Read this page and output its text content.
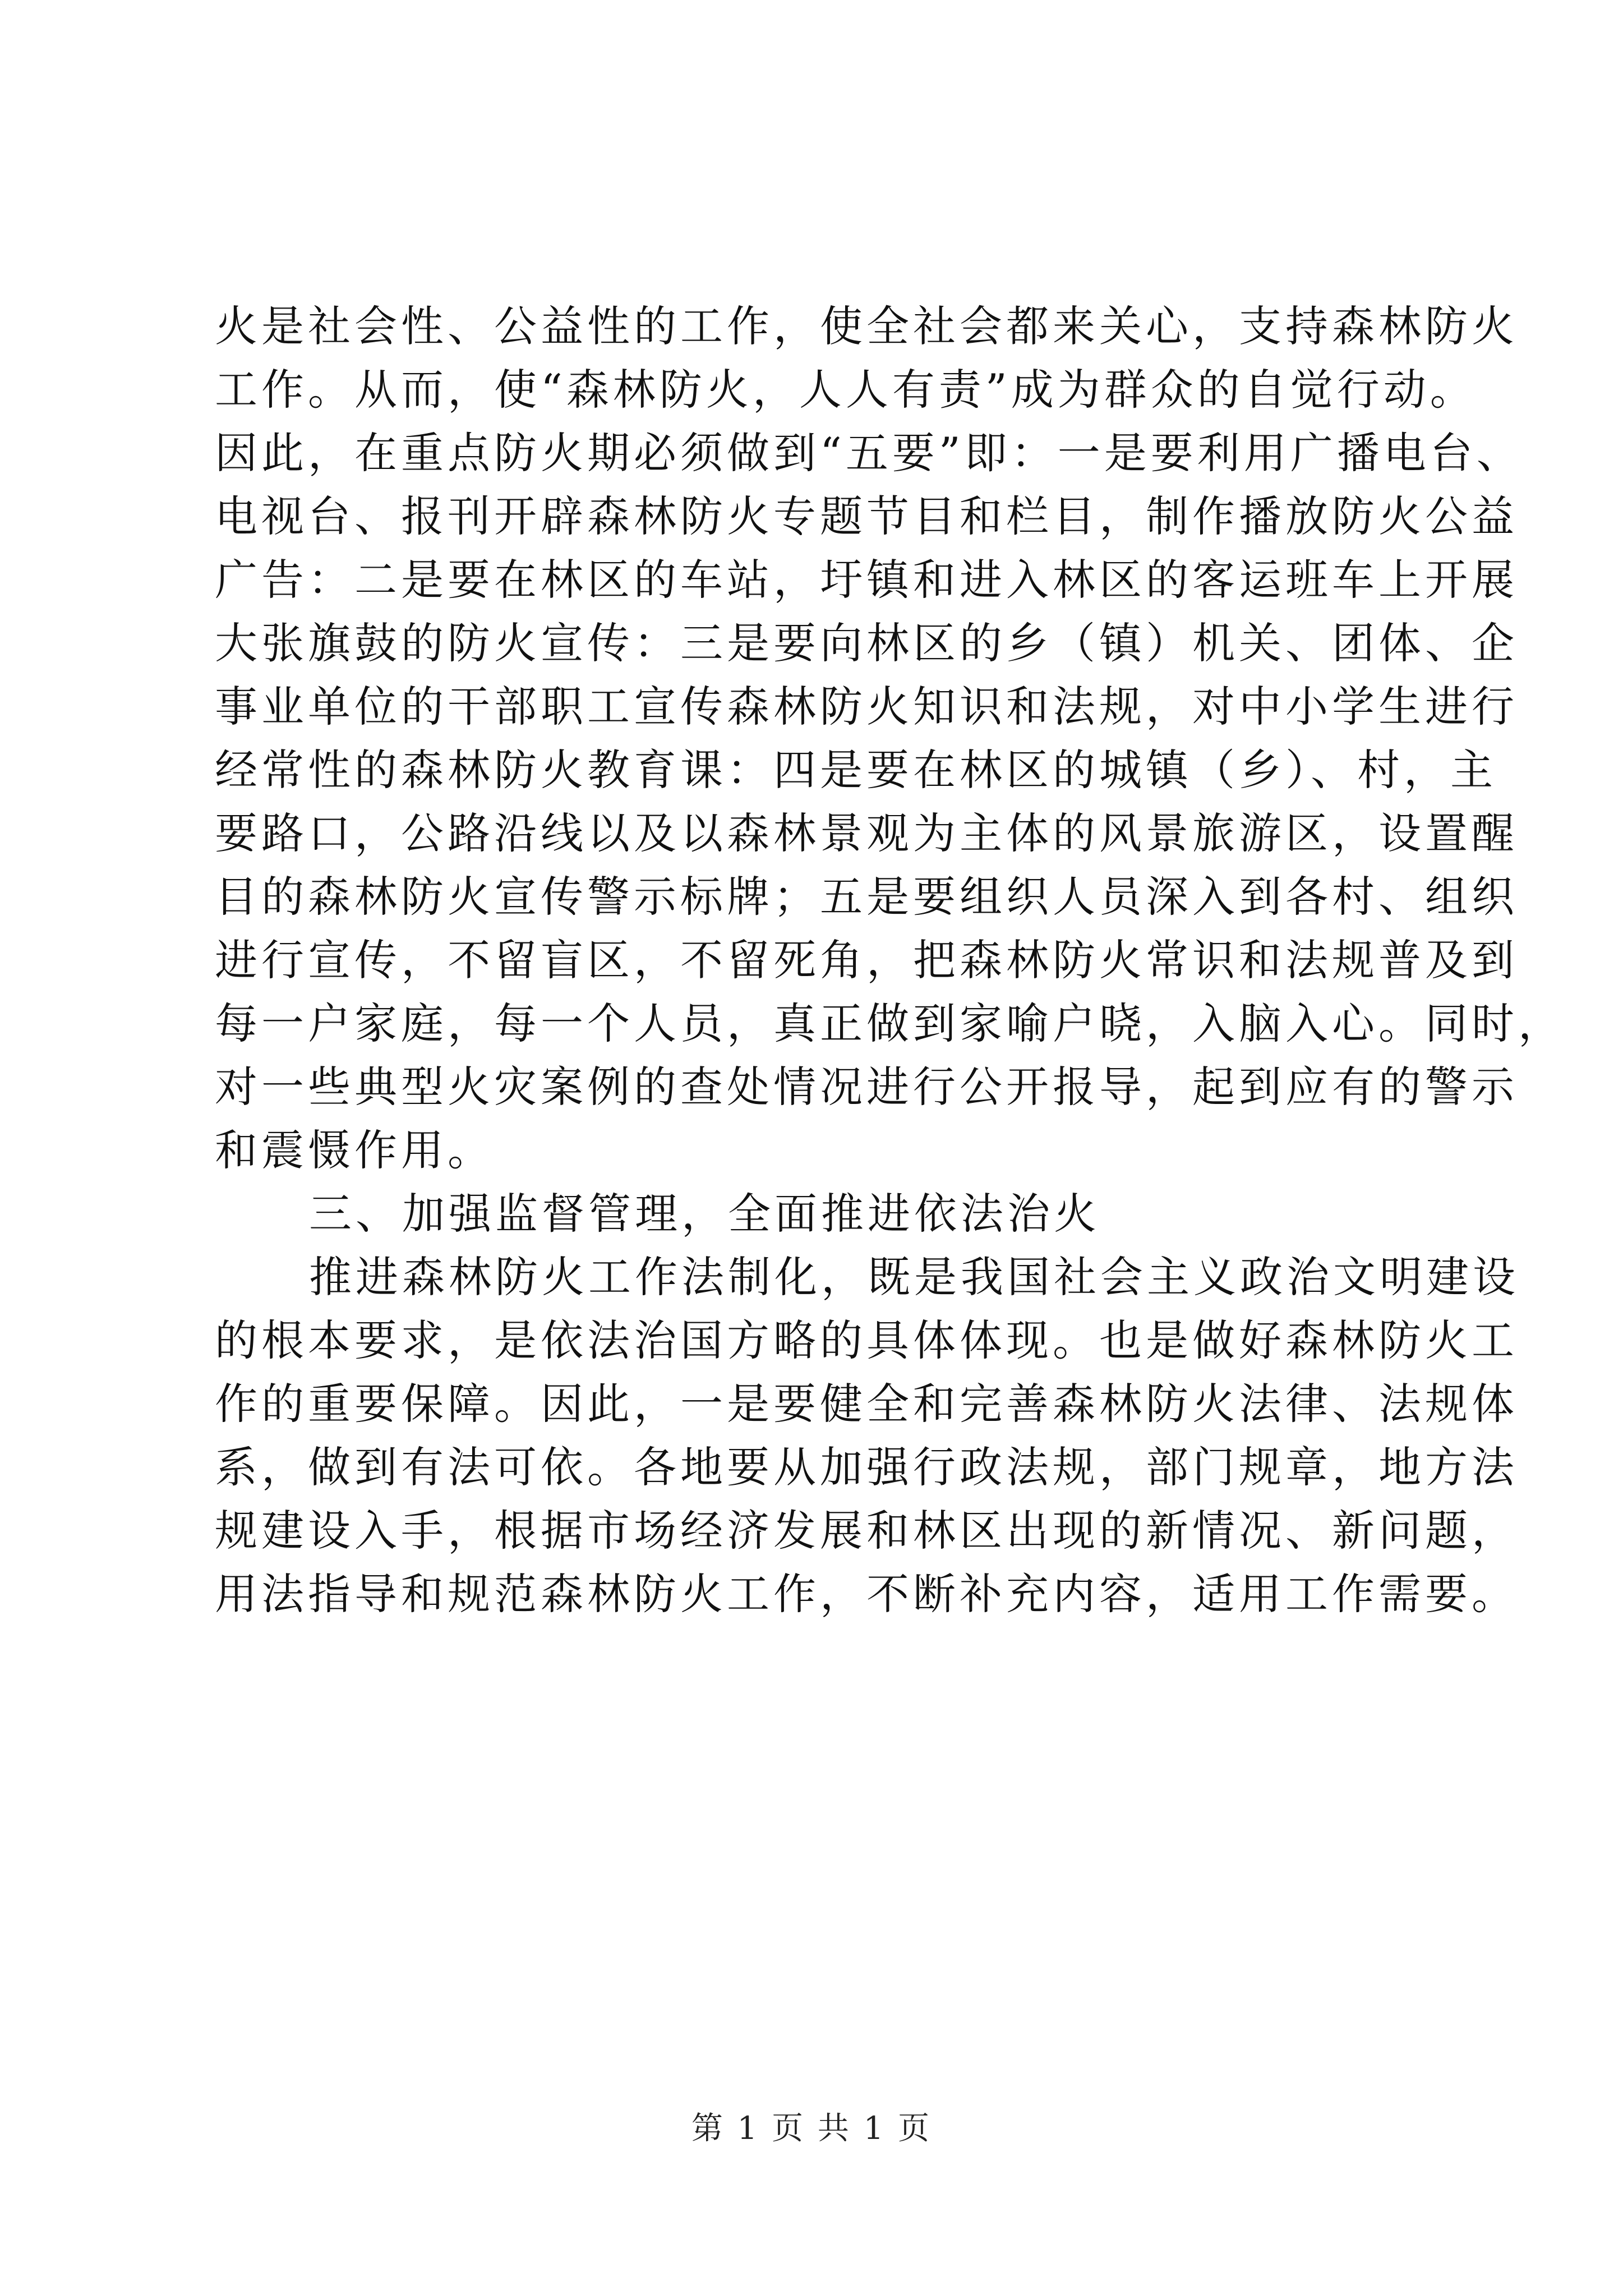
火是社会性、公益性的工作，使全社会都来关心，支持森林防火
工作。从而，使“森林防火，人人有责”成为群众的自觉行动。
因此，在重点防火期必须做到“五要”即：一是要利用广播电台、
电视台、报刊开辟森林防火专题节目和栏目，制作播放防火公益
广告：二是要在林区的车站，圩镇和进入林区的客运班车上开展
大张旗鼓的防火宣传：三是要向林区的乡（镇）机关、团体、企
事业单位的干部职工宣传森林防火知识和法规，对中小学生进行
经常性的森林防火教育课：四是要在林区的城镇（乡）、村，主
要路口，公路沿线以及以森林景观为主体的风景旅游区，设置醒
目的森林防火宣传警示标牌；五是要组织人员深入到各村、组织
进行宣传，不留盲区，不留死角，把森林防火常识和法规普及到
每一户家庭，每一个人员，真正做到家喻户晓，入脑入心。同时，
对一些典型火灾案例的查处情况进行公开报导，起到应有的警示
和震慑作用。
三、加强监督管理，全面推进依法治火
推进森林防火工作法制化，既是我国社会主义政治文明建设
的根本要求，是依法治国方略的具体体现。也是做好森林防火工
作的重要保障。因此，一是要健全和完善森林防火法律、法规体
系，做到有法可依。各地要从加强行政法规，部门规章，地方法
规建设入手，根据市场经济发展和林区出现的新情况、新问题，
用法指导和规范森林防火工作，不断补充内容，适用工作需要。
第 1 页 共 1 页
